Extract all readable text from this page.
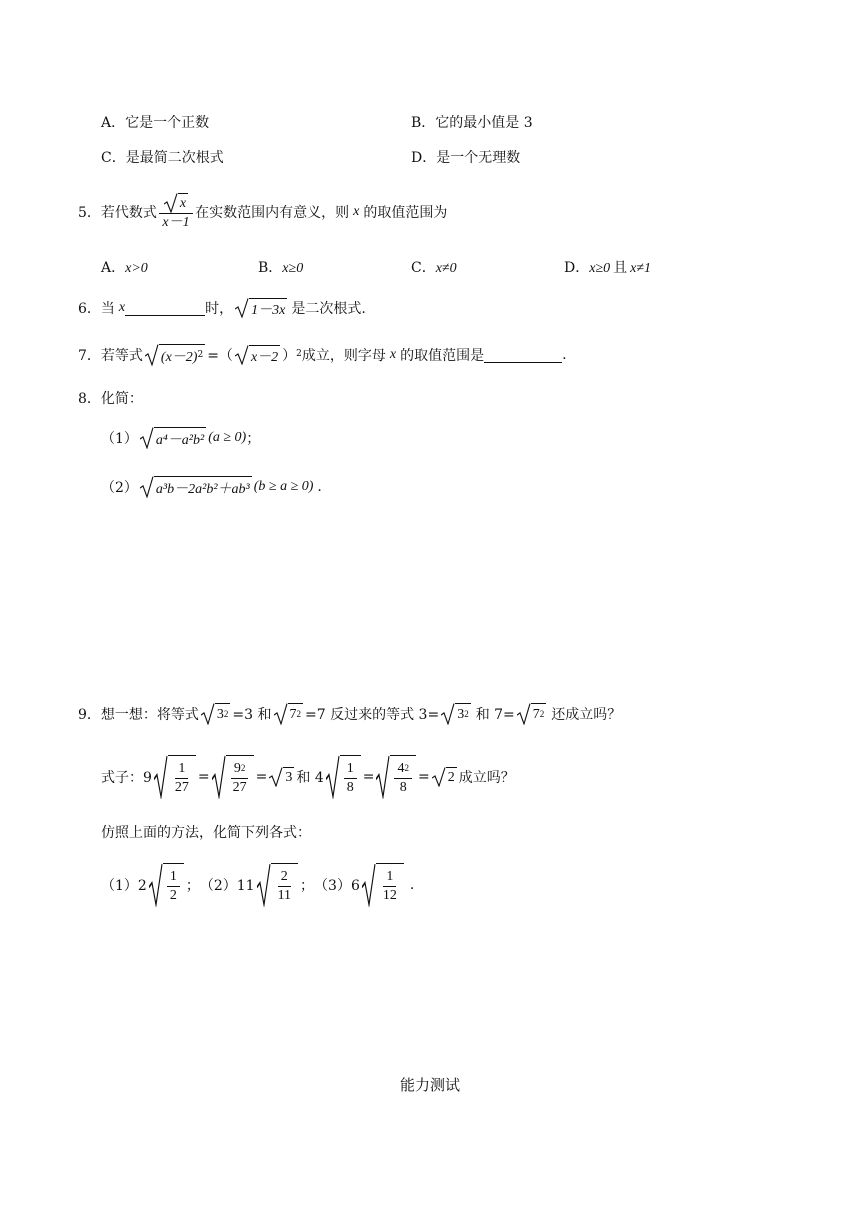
A．它是一个正数	B．它的最小值是 3
C．是最简二次根式	D．是一个无理数
5． 若代数式 $\frac{x}{x-1}$ 在实数范围内有意义，则 x 的取值范围为
A．x>0	B．x≥0	C．x≠0	D．x≥0 且 x≠1
6． 当 x	时， 1－3x 是二次根式.
7． 若等式 $(x-2)^2$ =（ x－2 ）$^2$ 成立，则字母 x 的取值范围是	.
8． 化简：
（1） a⁴－a²b² (a ≥ 0) ；
（2） a³b－2a²b²＋ab³ (b ≥ a ≥ 0) .
9． 想一想：将等式 $3^2 =3$ 和 $7^2 =7$ 反过来的等式 $3= 3^2$ 和 $7= 7^2$ 还成立吗？
式子：$9 \frac{1}{27} = \frac{9^2}{27} = 3$ 和 $4 \frac{1}{8} = \frac{4^2}{8} = 2$ 成立吗？
仿照上面的方法，化简下列各式：
$(1)2 \frac{1}{2}$ ； $(2)11 \frac{2}{11}$ ； $(3)6 \frac{1}{12}$ .
能力测试
